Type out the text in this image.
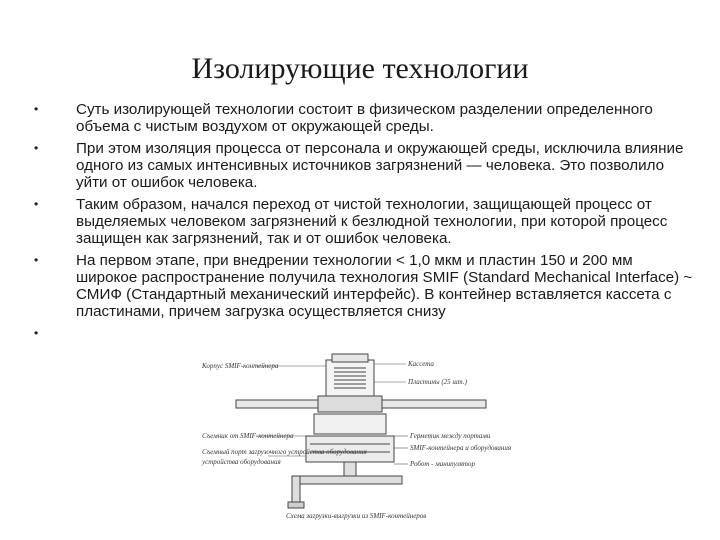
Изолирующие технологии
• Суть изолирующей технологии состоит в физическом разделении определенного объема с чистым воздухом от окружающей среды.
• При этом изоляция процесса от персонала и окружающей среды, исключила влияние одного из самых интенсивных источников загрязнений — человека. Это позволило уйти от ошибок человека.
• Таким образом, начался переход от чистой технологии, защищающей процесс от выделяемых человеком загрязнений к безлюдной технологии, при которой процесс защищен как загрязнений, так и от ошибок человека.
• На первом этапе, при внедрении технологии < 1,0 мкм и пластин 150 и 200 мм широкое распространение получила технология SMIF (Standard Mechanical Interface) ~ СМИФ (Стандартный механический интерфейс). В контейнер вставляется кассета с пластинами, причем загрузка осуществляется снизу
•
Корпус SMIF-контейнера	Кассета
Пластины (25 шт.)
Съемник от SMIF-контейнера
Съемный порт загрузочного устройства оборудования
устройства оборудования
Герметик между портами
SMIF-контейнера и оборудования
Робот - манипулятор
Схема загрузки-выгрузки из SMIF-контейнеров
